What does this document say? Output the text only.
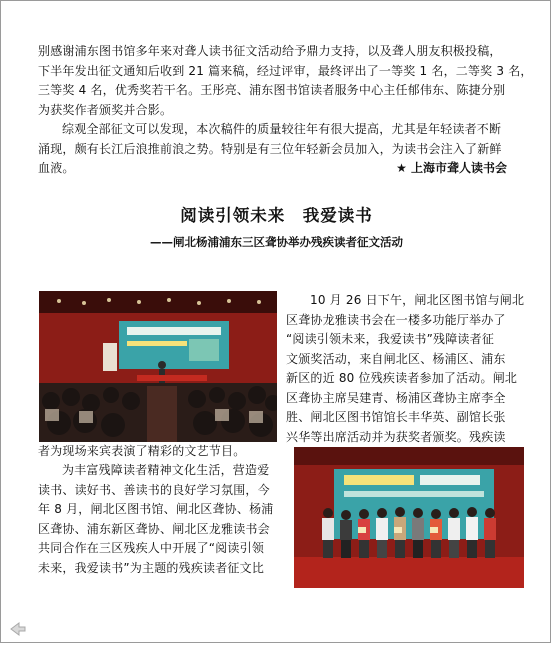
别感谢浦东图书馆多年来对聋人读书征文活动给予鼎力支持，以及聋人朋友积极投稿，
下半年发出征文通知后收到 21 篇来稿，经过评审，最终评出了一等奖 1 名，二等奖 3 名，
三等奖 4 名，优秀奖若干名。王彤亮、浦东图书馆读者服务中心主任郁伟东、陈捷分别
为获奖作者颁奖并合影。
综观全部征文可以发现，本次稿件的质量较往年有很大提高，尤其是年轻读者不断
涌现，颇有长江后浪推前浪之势。特别是有三位年轻新会员加入，为读书会注入了新鲜
血液。	★ 上海市聋人读书会
阅读引领未来　我爱读书
——闸北杨浦浦东三区聋协举办残疾读者征文活动
10 月 26 日下午，闸北区图书馆与闸北
区聋协龙雅读书会在一楼多功能厅举办了
“阅读引领未来，我爱读书”残障读者征
文颁奖活动，来自闸北区、杨浦区、浦东
新区的近 80 位残疾读者参加了活动。闸北
区聋协主席吴建青、杨浦区聋协主席李全
胜、闸北区图书馆馆长丰华英、副馆长张
兴华等出席活动并为获奖者颁奖。残疾读
者为现场来宾表演了精彩的文艺节目。
为丰富残障读者精神文化生活，营造爱
读书、读好书、善读书的良好学习氛围，今
年 8 月，闸北区图书馆、闸北区聋协、杨浦
区聋协、浦东新区聋协、闸北区龙雅读书会
共同合作在三区残疾人中开展了“阅读引领
未来，我爱读书”为主题的残疾读者征文比
